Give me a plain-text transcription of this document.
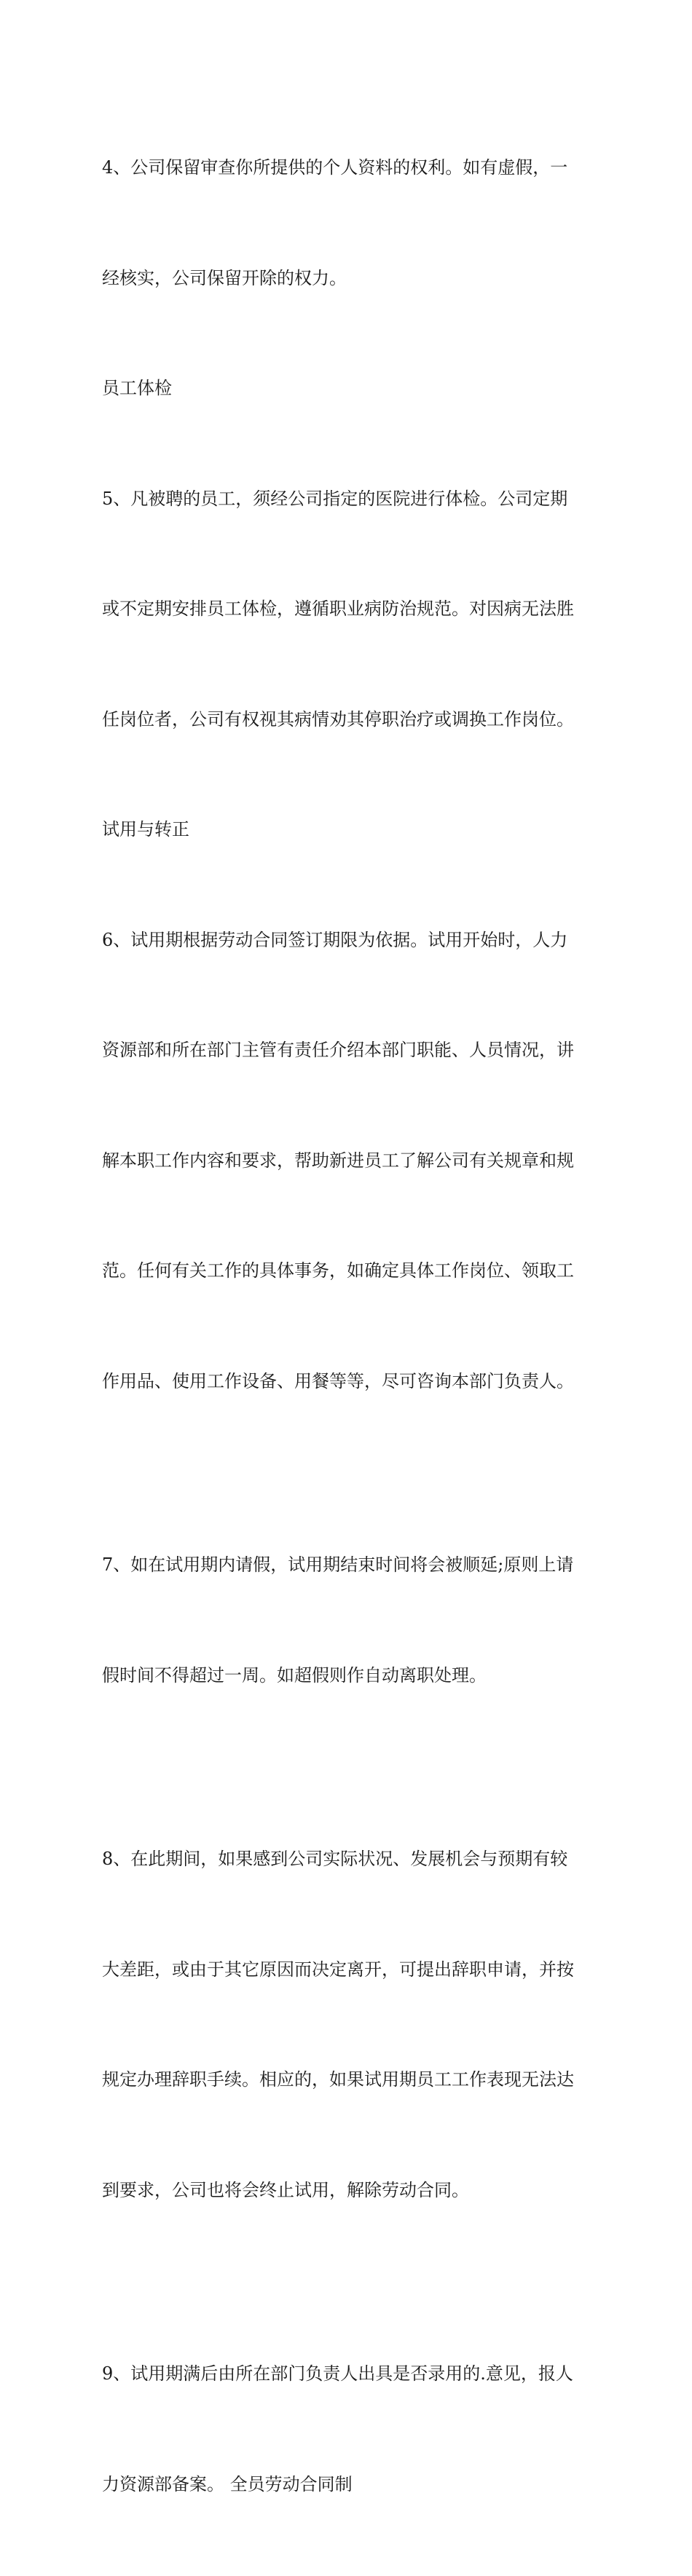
4、公司保留审查你所提供的个人资料的权利。如有虚假，一

经核实，公司保留开除的权力。

员工体检

5、凡被聘的员工，须经公司指定的医院进行体检。公司定期

或不定期安排员工体检，遵循职业病防治规范。对因病无法胜

任岗位者，公司有权视其病情劝其停职治疗或调换工作岗位。

试用与转正

6、试用期根据劳动合同签订期限为依据。试用开始时，人力

资源部和所在部门主管有责任介绍本部门职能、人员情况，讲

解本职工作内容和要求，帮助新进员工了解公司有关规章和规

范。任何有关工作的具体事务，如确定具体工作岗位、领取工

作用品、使用工作设备、用餐等等，尽可咨询本部门负责人。

7、如在试用期内请假，试用期结束时间将会被顺延;原则上请

假时间不得超过一周。如超假则作自动离职处理。

8、在此期间，如果感到公司实际状况、发展机会与预期有较

大差距，或由于其它原因而决定离开，可提出辞职申请，并按

规定办理辞职手续。相应的，如果试用期员工工作表现无法达

到要求，公司也将会终止试用，解除劳动合同。

9、试用期满后由所在部门负责人出具是否录用的.意见，报人

力资源部备案。 全员劳动合同制
